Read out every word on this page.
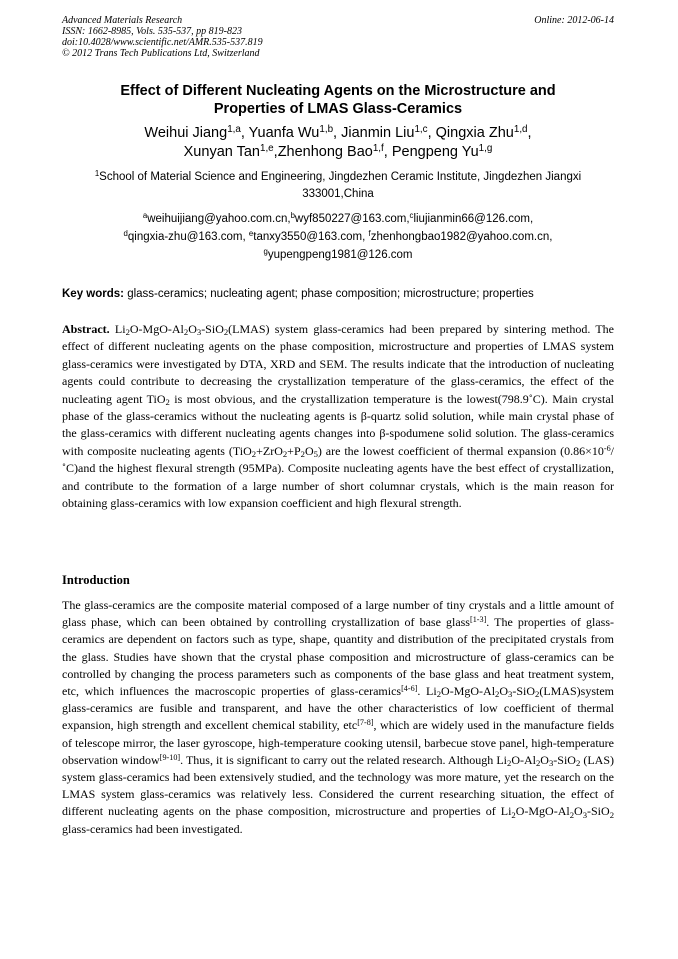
Advanced Materials Research
ISSN: 1662-8985, Vols. 535-537, pp 819-823
doi:10.4028/www.scientific.net/AMR.535-537.819
© 2012 Trans Tech Publications Ltd, Switzerland
Online: 2012-06-14
Effect of Different Nucleating Agents on the Microstructure and
Properties of LMAS Glass-Ceramics
Weihui Jiang$^{1,a}$, Yuanfa Wu$^{1,b}$, Jianmin Liu$^{1,c}$, Qingxia Zhu$^{1,d}$,
Xunyan Tan$^{1,e}$,Zhenhong Bao$^{1,f}$, Pengpeng Yu$^{1,g}$
$^1$School of Material Science and Engineering, Jingdezhen Ceramic Institute, Jingdezhen Jiangxi 333001,China
$^a$weihuijiang@yahoo.com.cn,$^b$wyf850227@163.com,$^c$liujianmin66@126.com,
$^d$qingxia-zhu@163.com, $^e$tanxy3550@163.com, $^f$zhenhongbao1982@yahoo.com.cn,
$^g$yupengpeng1981@126.com
Key words: glass-ceramics; nucleating agent; phase composition; microstructure; properties
Abstract. $Li_2O-MgO-Al_2O_3-SiO_2(LMAS)$ system glass-ceramics had been prepared by sintering method. The effect of different nucleating agents on the phase composition, microstructure and properties of LMAS system glass-ceramics were investigated by DTA, XRD and SEM. The results indicate that the introduction of nucleating agents could contribute to decreasing the crystallization temperature of the glass-ceramics, the effect of the nucleating agent TiO$_2$ is most obvious, and the crystallization temperature is the lowest(798.9˚C). Main crystal phase of the glass-ceramics without the nucleating agents is β-quartz solid solution, while main crystal phase of the glass-ceramics with different nucleating agents changes into β-spodumene solid solution. The glass-ceramics with composite nucleating agents $(TiO_2+ZrO_2+P_2O_5)$ are the lowest coefficient of thermal expansion $(0.86\times 10^{-6}/˚C)and$ the highest flexural strength (95MPa). Composite nucleating agents have the best effect of crystallization, and contribute to the formation of a large number of short columnar crystals, which is the main reason for obtaining glass-ceramics with low expansion coefficient and high flexural strength.
Introduction
The glass-ceramics are the composite material composed of a large number of tiny crystals and a little amount of glass phase, which can been obtained by controlling crystallization of base glass[1-3]. The properties of glass-ceramics are dependent on factors such as type, shape, quantity and distribution of the precipitated crystals from the glass. Studies have shown that the crystal phase composition and microstructure of glass-ceramics can be controlled by changing the process parameters such as components of the base glass and heat treatment system, etc, which influences the macroscopic properties of glass-ceramics[4-6]. $Li_2O-MgO-Al_2O_3-SiO_2(LMAS)system$ glass-ceramics are fusible and transparent, and have the other characteristics of low coefficient of thermal expansion, high strength and excellent chemical stability, etc[7-8], which are widely used in the manufacture fields of telescope mirror, the laser gyroscope, high-temperature cooking utensil, barbecue stove panel, high-temperature observation window[9-10]. Thus, it is significant to carry out the related research. Although $Li_2O-Al_2O_3-SiO_2$ (LAS) system glass-ceramics had been extensively studied, and the technology was more mature, yet the research on the LMAS system glass-ceramics was relatively less. Considered the current researching situation, the effect of different nucleating agents on the phase composition, microstructure and properties of $Li_2O-MgO-Al_2O_3-SiO_2$ glass-ceramics had been investigated.
